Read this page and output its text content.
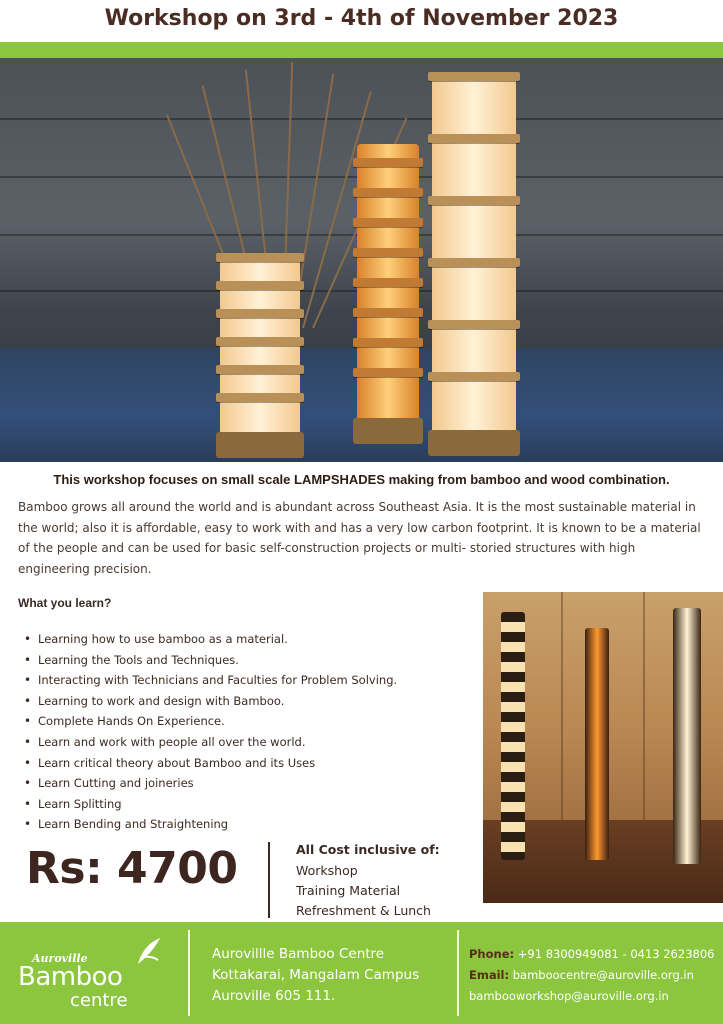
Workshop on 3rd - 4th of November 2023
This workshop focuses on small scale LAMPSHADES making from bamboo and wood combination.

Bamboo grows all around the world and is abundant across Southeast Asia. It is the most sustainable material in the world; also it is affordable, easy to work with and has a very low carbon footprint. It is known to be a material of the people and can be used for basic self-construction projects or multi- storied structures with high engineering precision.

What you learn?
• Learning how to use bamboo as a material.
• Learning the Tools and Techniques.
• Interacting with Technicians and Faculties for Problem Solving.
• Learning to work and design with Bamboo.
• Complete Hands On Experience.
• Learn and work with people all over the world.
• Learn critical theory about Bamboo and its Uses
• Learn Cutting and joineries
• Learn Splitting
• Learn Bending and Straightening
Rs: 4700	All Cost inclusive of:
Workshop
Training Material
Refreshment & Lunch
Auroville
Bamboo
centre
Aurovillle Bamboo Centre
Kottakarai, Mangalam Campus
Auroville 605 111.
Phone: +91 8300949081 - 0413 2623806
Email: bamboocentre@auroville.org.in
bambooworkshop@auroville.org.in
